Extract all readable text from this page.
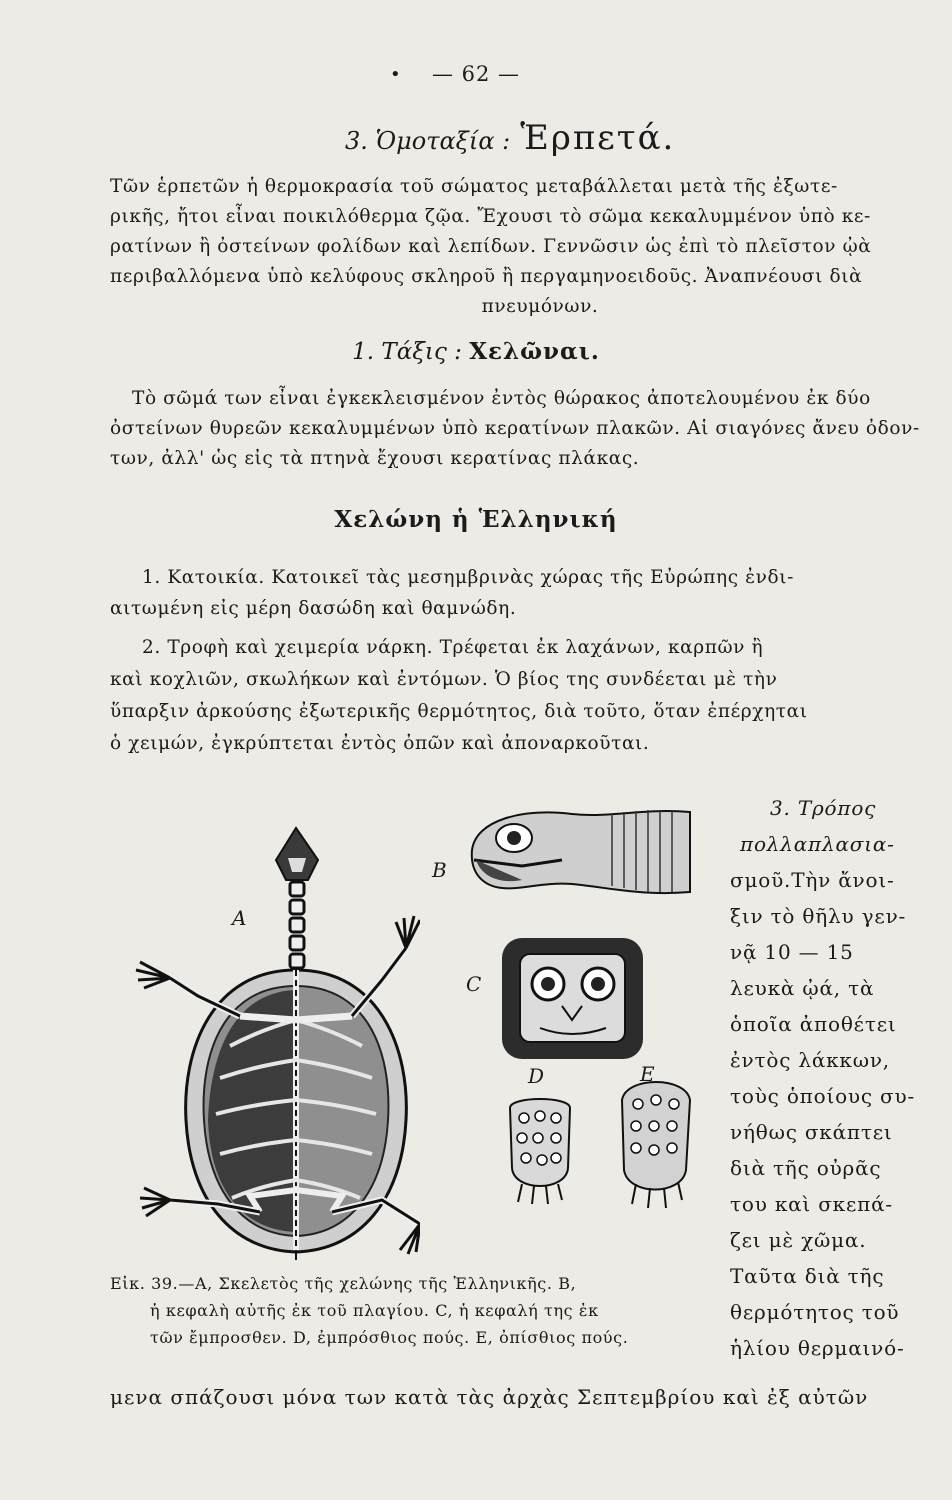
•	— 62 —
3. Ὁμοταξία : Ἑρπετά.
Τῶν ἑρπετῶν ἡ θερμοκρασία τοῦ σώματος μεταβάλλεται μετὰ τῆς ἐξωτε-
ρικῆς, ἤτοι εἶναι ποικιλόθερμα ζῷα. Ἔχουσι τὸ σῶμα κεκαλυμμένον ὑπὸ κε-
ρατίνων ἢ ὀστείνων φολίδων καὶ λεπίδων. Γεννῶσιν ὡς ἐπὶ τὸ πλεῖστον ᾠὰ
περιβαλλόμενα ὑπὸ κελύφους σκληροῦ ἢ περγαμηνοειδοῦς. Ἀναπνέουσι διὰ
πνευμόνων.
1. Τάξις : Χελῶναι.
Τὸ σῶμά των εἶναι ἐγκεκλεισμένον ἐντὸς θώρακος ἀποτελουμένου ἐκ δύο
ὀστείνων θυρεῶν κεκαλυμμένων ὑπὸ κερατίνων πλακῶν. Αἱ σιαγόνες ἄνευ ὀδον-
των, ἀλλ' ὡς εἰς τὰ πτηνὰ ἔχουσι κερατίνας πλάκας.
Χελώνη ἡ Ἑλληνική
1. Κατοικία. Κατοικεῖ τὰς μεσημβρινὰς χώρας τῆς Εὐρώπης ἐνδι-
αιτωμένη εἰς μέρη δασώδη καὶ θαμνώδη.
2. Τροφὴ καὶ χειμερία νάρκη. Τρέφεται ἐκ λαχάνων, καρπῶν ἢ
καὶ κοχλιῶν, σκωλήκων καὶ ἐντόμων. Ὁ βίος της συνδέεται μὲ τὴν
ὕπαρξιν ἀρκούσης ἐξωτερικῆς θερμότητος, διὰ τοῦτο, ὅταν ἐπέρχηται
ὁ χειμών, ἐγκρύπτεται ἐντὸς ὀπῶν καὶ ἀποναρκοῦται.
3. Τρόπος
πολλαπλασια-
σμοῦ.Τὴν ἄνοι-
ξιν τὸ θῆλυ γεν-
νᾷ 10 — 15
λευκὰ ᾠά, τὰ
ὁποῖα ἀποθέτει
ἐντὸς λάκκων,
τοὺς ὁποίους συ-
νήθως σκάπτει
διὰ τῆς οὐρᾶς
του καὶ σκεπά-
ζει μὲ χῶμα.
Ταῦτα διὰ τῆς
θερμότητος τοῦ
ἡλίου θερμαινό-
A
B
C
D	E
Εἰκ. 39.—A, Σκελετὸς τῆς χελώνης τῆς Ἑλληνικῆς. B,
ἡ κεφαλὴ αὐτῆς ἐκ τοῦ πλαγίου. C, ἡ κεφαλή της ἐκ
τῶν ἔμπροσθεν. D, ἐμπρόσθιος πούς. E, ὀπίσθιος πούς.
μενα σπάζουσι μόνα των κατὰ τὰς ἀρχὰς Σεπτεμβρίου καὶ ἐξ αὐτῶν
